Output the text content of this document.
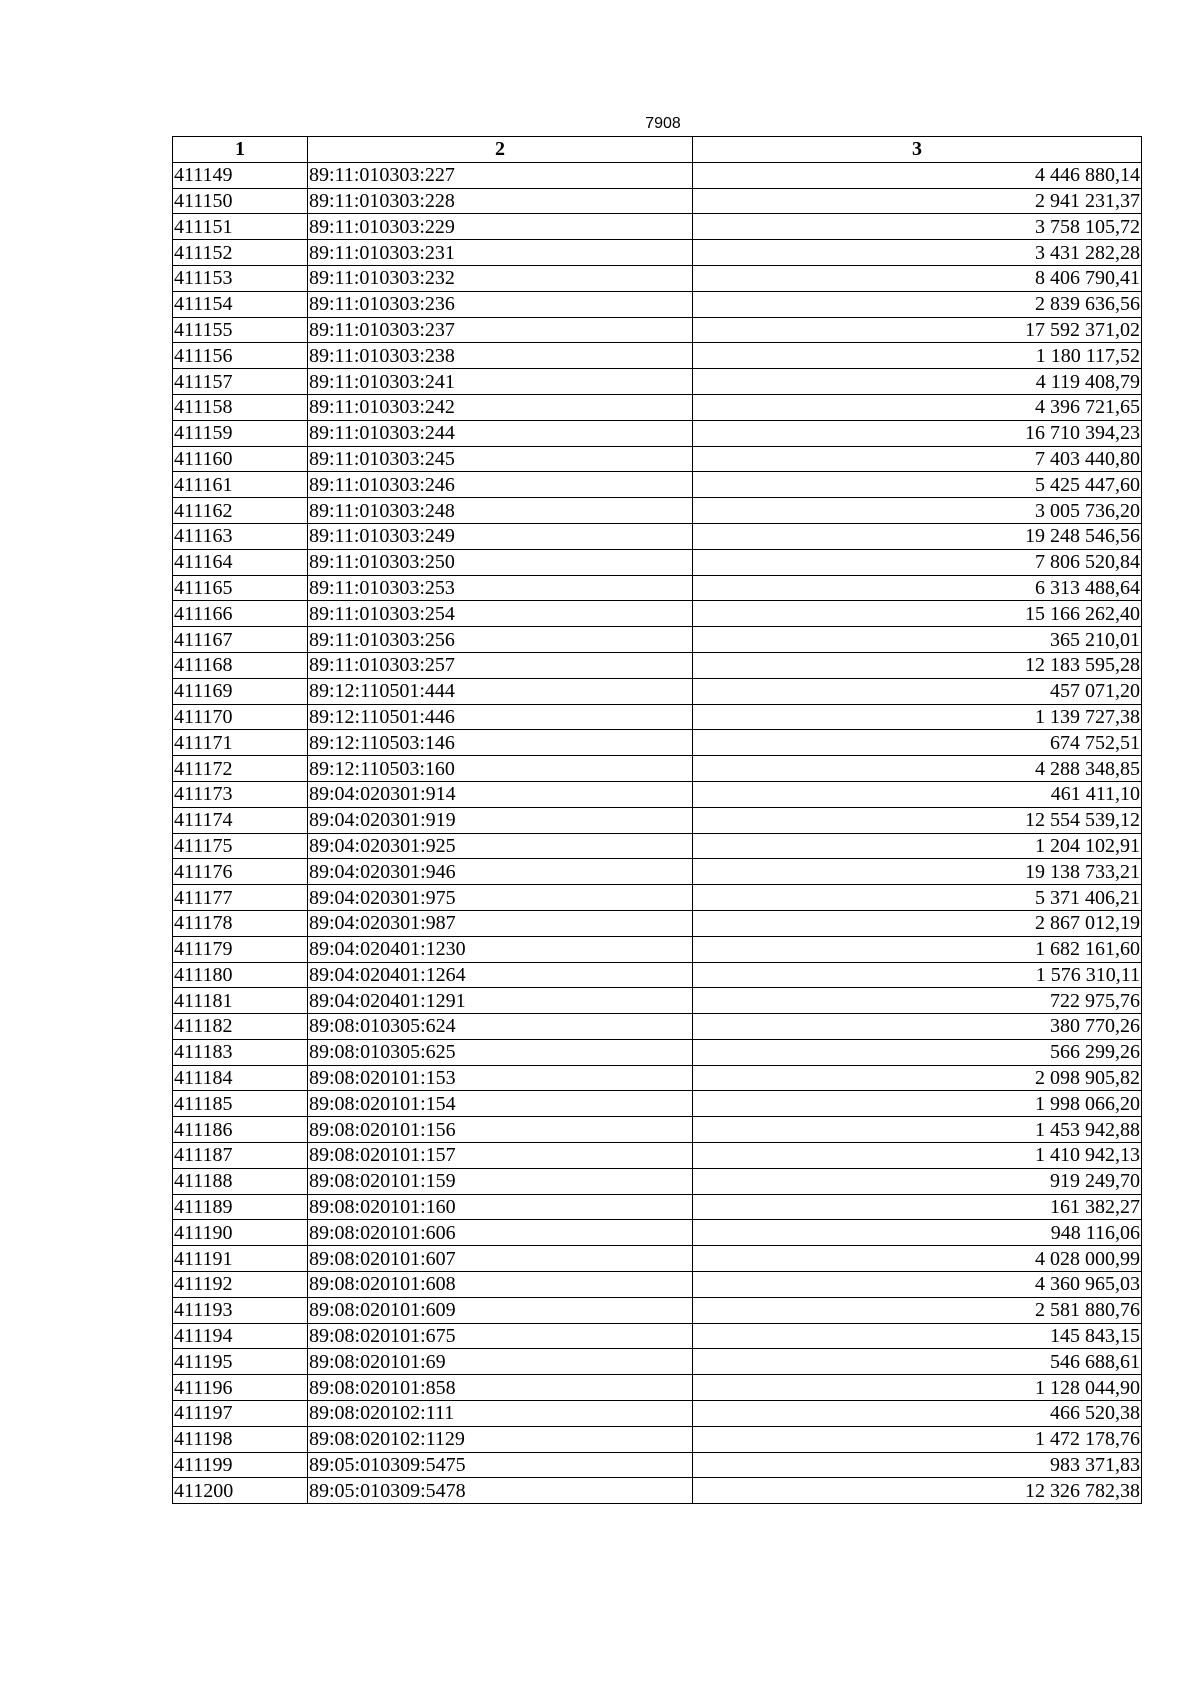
7908
1	2	3
411149	89:11:010303:227	4 446 880,14
411150	89:11:010303:228	2 941 231,37
411151	89:11:010303:229	3 758 105,72
411152	89:11:010303:231	3 431 282,28
411153	89:11:010303:232	8 406 790,41
411154	89:11:010303:236	2 839 636,56
411155	89:11:010303:237	17 592 371,02
411156	89:11:010303:238	1 180 117,52
411157	89:11:010303:241	4 119 408,79
411158	89:11:010303:242	4 396 721,65
411159	89:11:010303:244	16 710 394,23
411160	89:11:010303:245	7 403 440,80
411161	89:11:010303:246	5 425 447,60
411162	89:11:010303:248	3 005 736,20
411163	89:11:010303:249	19 248 546,56
411164	89:11:010303:250	7 806 520,84
411165	89:11:010303:253	6 313 488,64
411166	89:11:010303:254	15 166 262,40
411167	89:11:010303:256	365 210,01
411168	89:11:010303:257	12 183 595,28
411169	89:12:110501:444	457 071,20
411170	89:12:110501:446	1 139 727,38
411171	89:12:110503:146	674 752,51
411172	89:12:110503:160	4 288 348,85
411173	89:04:020301:914	461 411,10
411174	89:04:020301:919	12 554 539,12
411175	89:04:020301:925	1 204 102,91
411176	89:04:020301:946	19 138 733,21
411177	89:04:020301:975	5 371 406,21
411178	89:04:020301:987	2 867 012,19
411179	89:04:020401:1230	1 682 161,60
411180	89:04:020401:1264	1 576 310,11
411181	89:04:020401:1291	722 975,76
411182	89:08:010305:624	380 770,26
411183	89:08:010305:625	566 299,26
411184	89:08:020101:153	2 098 905,82
411185	89:08:020101:154	1 998 066,20
411186	89:08:020101:156	1 453 942,88
411187	89:08:020101:157	1 410 942,13
411188	89:08:020101:159	919 249,70
411189	89:08:020101:160	161 382,27
411190	89:08:020101:606	948 116,06
411191	89:08:020101:607	4 028 000,99
411192	89:08:020101:608	4 360 965,03
411193	89:08:020101:609	2 581 880,76
411194	89:08:020101:675	145 843,15
411195	89:08:020101:69	546 688,61
411196	89:08:020101:858	1 128 044,90
411197	89:08:020102:111	466 520,38
411198	89:08:020102:1129	1 472 178,76
411199	89:05:010309:5475	983 371,83
411200	89:05:010309:5478	12 326 782,38
